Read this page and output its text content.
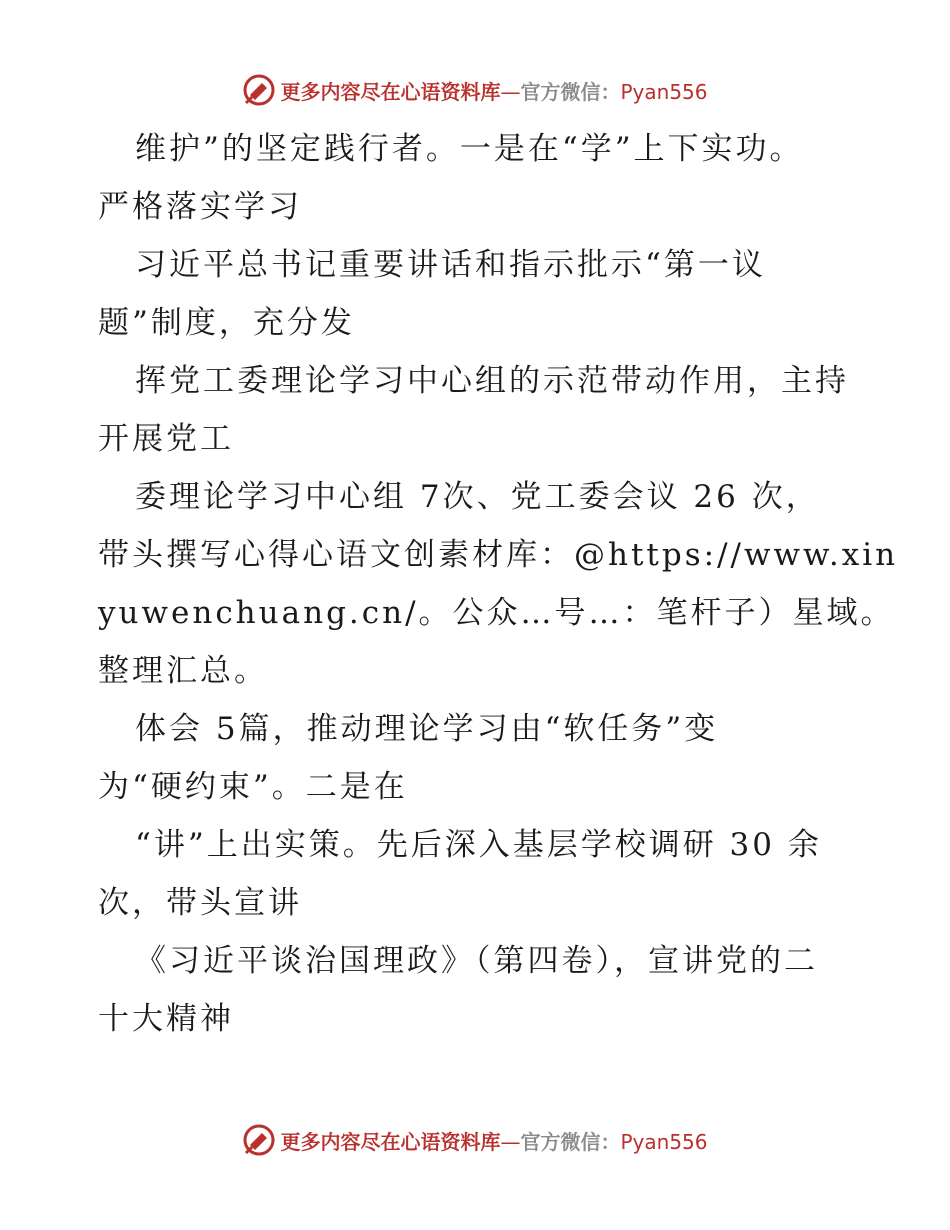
更多内容尽在心语资料库—官方微信：Pyan556
维护”的坚定践行者。一是在“学”上下实功。
严格落实学习
习近平总书记重要讲话和指示批示“第一议
题”制度，充分发
挥党工委理论学习中心组的示范带动作用，主持
开展党工
委理论学习中心组 7次、党工委会议 26 次，
带头撰写心得心语文创素材库：@https://www.xin
yuwenchuang.cn/。公众…号…：笔杆子）星域。
整理汇总。
体会 5篇，推动理论学习由“软任务”变
为“硬约束”。二是在
“讲”上出实策。先后深入基层学校调研 30 余
次，带头宣讲
《习近平谈治国理政》（第四卷），宣讲党的二
十大精神
更多内容尽在心语资料库—官方微信：Pyan556
